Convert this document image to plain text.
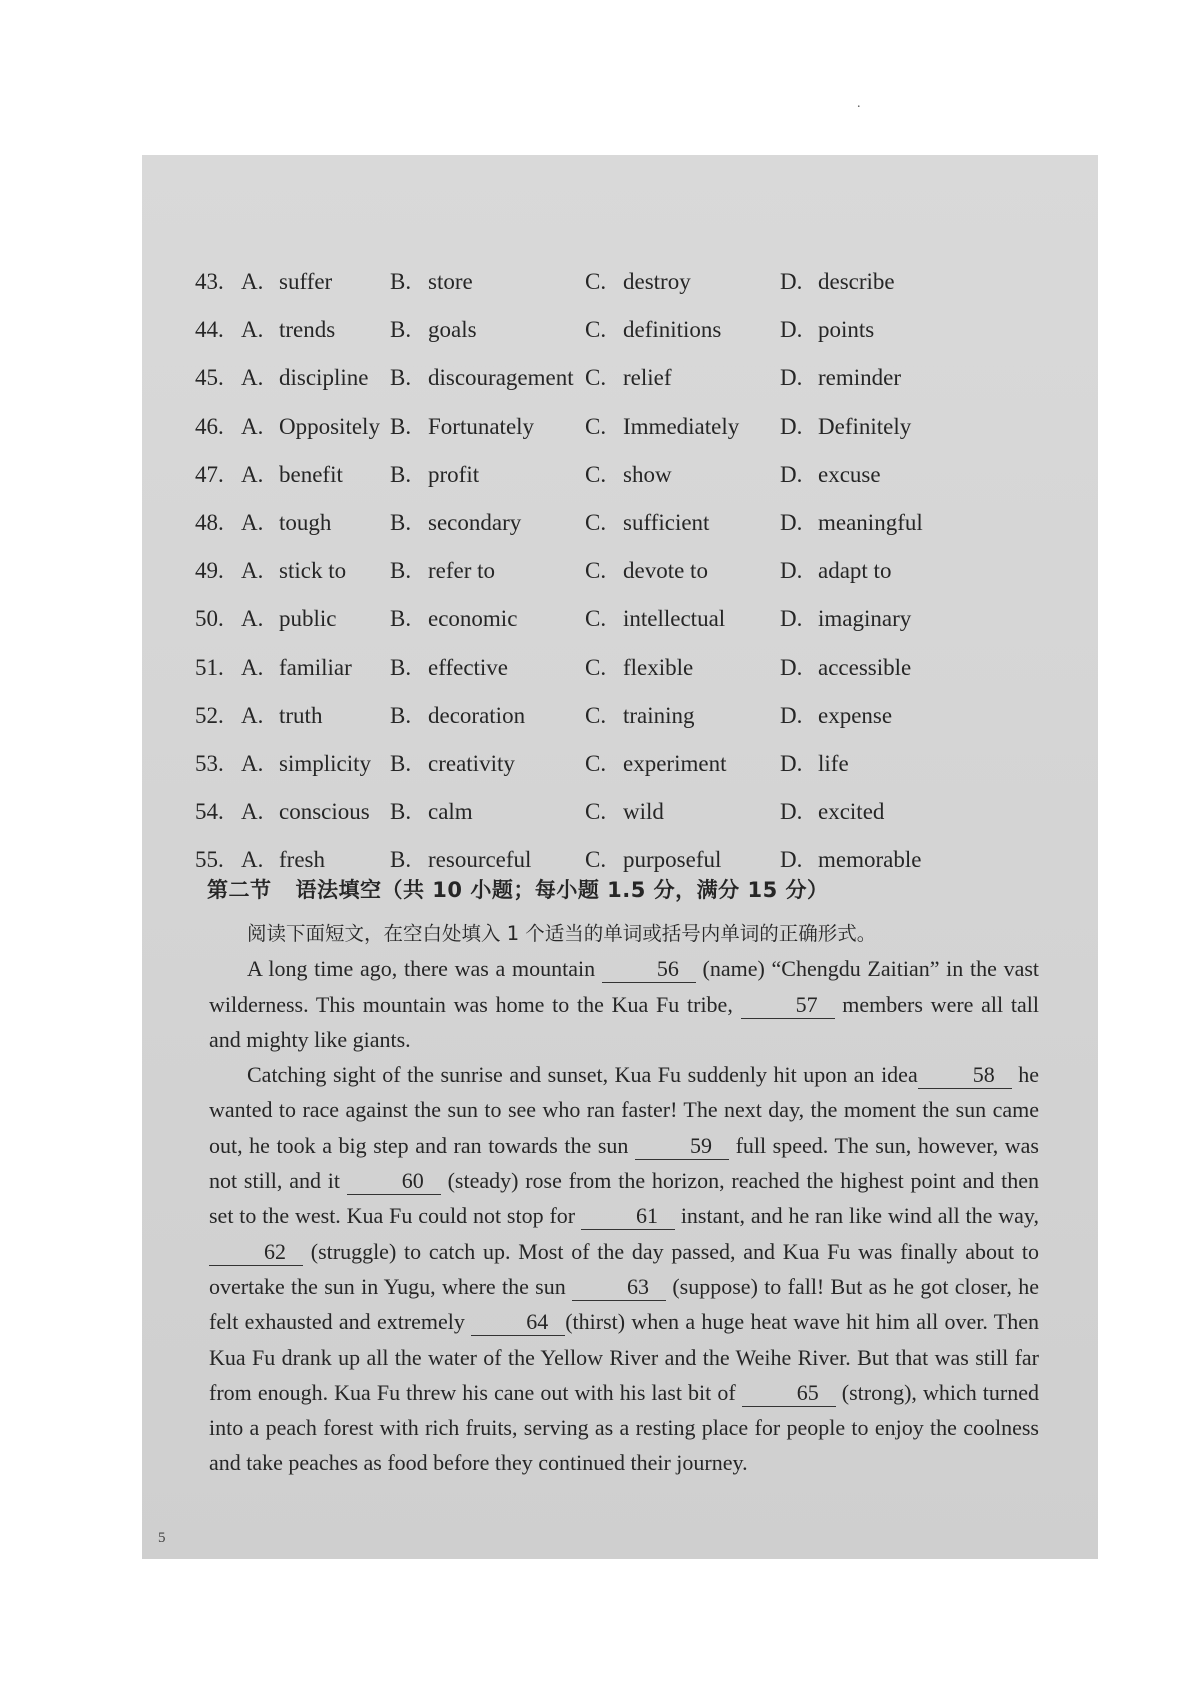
.
43. A. suffer	B. store	C. destroy	D. describe
44. A. trends B. goals	C. definitions	D. points
45. A. discipline B. discouragement C. relief	D. reminder
46. A. Oppositely B. Fortunately C. Immediately D. Definitely
47. A. benefit B. profit	C. show	D. excuse
48. A. tough	B. secondary	C. sufficient	D. meaningful
49. A. stick to B. refer to	C. devote to	D. adapt to
50. A. public B. economic	C. intellectual D. imaginary
51. A. familiar B. effective	C. flexible	D. accessible
52. A. truth	B. decoration	C. training	D. expense
53. A. simplicity B. creativity	C. experiment D. life
54. A. conscious B. calm	C. wild	D. excited
55. A. fresh	B. resourceful C. purposeful	D. memorable
第二节 语法填空（共 10 小题；每小题 1.5 分，满分 15 分）

阅读下面短文，在空白处填入 1 个适当的单词或括号内单词的正确形式。

A long time ago, there was a mountain	56 (name) “Chengdu Zaitian” in the vast wilderness. This mountain was home to the Kua Fu tribe,	57 members were all tall and mighty like giants.

Catching sight of the sunrise and sunset, Kua Fu suddenly hit upon an idea	58 he wanted to race against the sun to see who ran faster! The next day, the moment the sun came out, he took a big step and ran towards the sun	59 full speed. The sun, however, was not still, and it	60 (steady) rose from the horizon, reached the highest point and then set to the west. Kua Fu could not stop for	61 instant, and he ran like wind all the way, 62 (struggle) to catch up. Most of the day passed, and Kua Fu was finally about to overtake the sun in Yugu, where the sun	63 (suppose) to fall! But as he got closer, he felt exhausted and extremely	64 (thirst) when a huge heat wave hit him all over. Then Kua Fu drank up all the water of the Yellow River and the Weihe River. But that was still far from enough. Kua Fu threw his cane out with his last bit of	65 (strong), which turned into a peach forest with rich fruits, serving as a resting place for people to enjoy the coolness and take peaches as food before they continued their journey.

5
